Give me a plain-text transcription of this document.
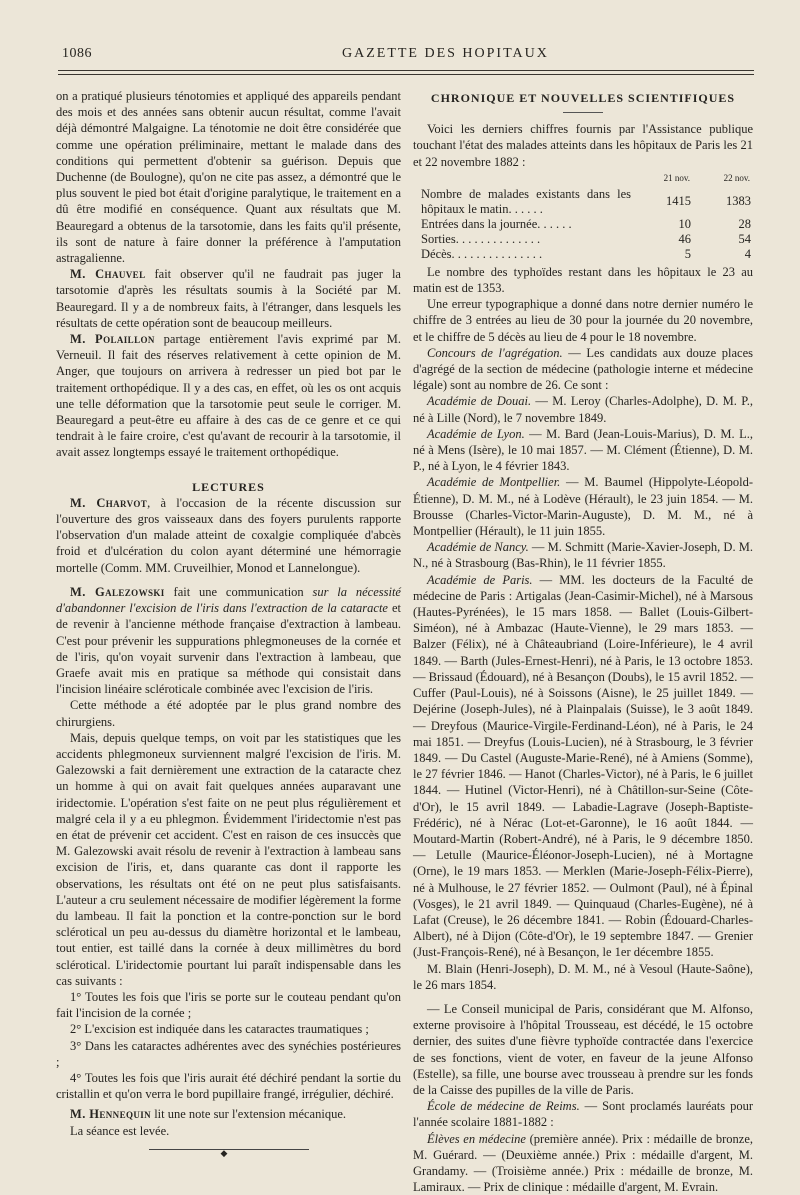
1086	GAZETTE DES HOPITAUX

on a pratiqué plusieurs ténotomies et appliqué des appareils pendant des mois et des années sans obtenir aucun résultat, comme l'avait déjà démontré Malgaigne. La ténotomie ne doit être considérée que comme une opération préliminaire, mettant le malade dans des conditions qui permettent d'obtenir sa guérison. Depuis que Duchenne (de Boulogne), qu'on ne cite pas assez, a démontré que le plus souvent le pied bot était d'origine paralytique, le traitement en a dû être modifié en conséquence. Quant aux résultats que M. Beauregard a obtenus de la tarsotomie, dans les faits qu'il présente, ils sont de nature à faire donner la préférence à l'amputation astragalienne.

M. Chauvel fait observer qu'il ne faudrait pas juger la tarsotomie d'après les résultats soumis à la Société par M. Beauregard. Il y a de nombreux faits, à l'étranger, dans lesquels les résultats de cette opération sont de beaucoup meilleurs.

M. Polaillon partage entièrement l'avis exprimé par M. Verneuil. Il fait des réserves relativement à cette opinion de M. Anger, que toujours on arrivera à redresser un pied bot par le traitement orthopédique. Il y a des cas, en effet, où les os ont acquis une telle déformation que la tarsotomie peut seule le corriger. M. Beauregard a peut-être eu affaire à des cas de ce genre et ce qui tendrait à le faire croire, c'est qu'avant de recourir à la tarsotomie, il avait assez longtemps essayé le traitement orthopédique.

LECTURES

M. Charvot, à l'occasion de la récente discussion sur l'ouverture des gros vaisseaux dans des foyers purulents rapporte l'observation d'un malade atteint de coxalgie compliquée d'abcès froid et d'ulcération du colon ayant déterminé une hémorragie mortelle (Comm. MM. Cruveilhier, Monod et Lannelongue).

M. Galezowski fait une communication sur la nécessité d'abandonner l'excision de l'iris dans l'extraction de la cataracte et de revenir à l'ancienne méthode française d'extraction à lambeau. C'est pour prévenir les suppurations phlegmoneuses de la cornée et de l'iris, qu'on voyait survenir dans l'extraction à lambeau, que Graefe avait mis en pratique sa méthode qui consistait dans l'incision linéaire scléroticale combinée avec l'excision de l'iris.

Cette méthode a été adoptée par le plus grand nombre des chirurgiens.

Mais, depuis quelque temps, on voit par les statistiques que les accidents phlegmoneux surviennent malgré l'excision de l'iris. M. Galezowski a fait dernièrement une extraction de la cataracte chez un homme à qui on avait fait quelques années auparavant une iridectomie. L'opération s'est faite on ne peut plus régulièrement et malgré cela il y a eu phlegmon. Évidemment l'iridectomie n'est pas en état de prévenir cet accident. C'est en raison de ces insuccès que M. Galezowski avait résolu de revenir à l'extraction à lambeau sans excision de l'iris, et, dans quarante cas dont il rapporte les observations, les résultats ont été on ne peut plus satisfaisants. L'auteur a cru seulement nécessaire de modifier légèrement la forme du lambeau. Il fait la ponction et la contre-ponction sur le bord sclérotical un peu au-dessus du diamètre horizontal et le lambeau, tout entier, est taillé dans la cornée à deux millimètres du bord sclérotical. L'iridectomie pourtant lui paraît indispensable dans les cas suivants :

1° Toutes les fois que l'iris se porte sur le couteau pendant qu'on fait l'incision de la cornée ;

2° L'excision est indiquée dans les cataractes traumatiques ;

3° Dans les cataractes adhérentes avec des synéchies postérieures ;

4° Toutes les fois que l'iris aurait été déchiré pendant la sortie du cristallin et qu'on verra le bord pupillaire frangé, irrégulier, déchiré.

M. Hennequin lit une note sur l'extension mécanique.

La séance est levée.

◆

CHRONIQUE ET NOUVELLES SCIENTIFIQUES

Voici les derniers chiffres fournis par l'Assistance publique touchant l'état des malades atteints dans les hôpitaux de Paris les 21 et 22 novembre 1882 :

	21 nov.	22 nov.
Nombre de malades existants dans les hôpitaux le matin. . . . . .	1415	1383
Entrées dans la journée. . . . . .	10	28
Sorties. . . . . . . . . . . . . .	46	54
Décès. . . . . . . . . . . . . . .	5	4

Le nombre des typhoïdes restant dans les hôpitaux le 23 au matin est de 1353.

Une erreur typographique a donné dans notre dernier numéro le chiffre de 3 entrées au lieu de 30 pour la journée du 20 novembre, et le chiffre de 5 décès au lieu de 4 pour le 18 novembre.

Concours de l'agrégation. — Les candidats aux douze places d'agrégé de la section de médecine (pathologie interne et médecine légale) sont au nombre de 26. Ce sont :

Académie de Douai. — M. Leroy (Charles-Adolphe), D. M. P., né à Lille (Nord), le 7 novembre 1849.

Académie de Lyon. — M. Bard (Jean-Louis-Marius), D. M. L., né à Mens (Isère), le 10 mai 1857. — M. Clément (Étienne), D. M. P., né à Lyon, le 4 février 1843.

Académie de Montpellier. — M. Baumel (Hippolyte-Léopold-Étienne), D. M. M., né à Lodève (Hérault), le 23 juin 1854. — M. Brousse (Charles-Victor-Marin-Auguste), D. M. M., né à Montpellier (Hérault), le 11 juin 1855.

Académie de Nancy. — M. Schmitt (Marie-Xavier-Joseph, D. M. N., né à Strasbourg (Bas-Rhin), le 11 février 1855.

Académie de Paris. — MM. les docteurs de la Faculté de médecine de Paris : Artigalas (Jean-Casimir-Michel), né à Marsous (Hautes-Pyrénées), le 15 mars 1858. — Ballet (Louis-Gilbert-Siméon), né à Ambazac (Haute-Vienne), le 29 mars 1853. — Balzer (Félix), né à Châteaubriand (Loire-Inférieure), le 4 avril 1849. — Barth (Jules-Ernest-Henri), né à Paris, le 13 octobre 1853. — Brissaud (Édouard), né à Besançon (Doubs), le 15 avril 1852. — Cuffer (Paul-Louis), né à Soissons (Aisne), le 25 juillet 1849. — Dejérine (Joseph-Jules), né à Plainpalais (Suisse), le 3 août 1849. — Dreyfous (Maurice-Virgile-Ferdinand-Léon), né à Paris, le 24 mai 1851. — Dreyfus (Louis-Lucien), né à Strasbourg, le 3 février 1849. — Du Castel (Auguste-Marie-René), né à Amiens (Somme), le 27 février 1846. — Hanot (Charles-Victor), né à Paris, le 6 juillet 1844. — Hutinel (Victor-Henri), né à Châtillon-sur-Seine (Côte-d'Or), le 15 avril 1849. — Labadie-Lagrave (Joseph-Baptiste-Frédéric), né à Nérac (Lot-et-Garonne), le 16 août 1844. — Moutard-Martin (Robert-André), né à Paris, le 9 décembre 1850. — Letulle (Maurice-Éléonor-Joseph-Lucien), né à Mortagne (Orne), le 19 mars 1853. — Merklen (Marie-Joseph-Félix-Pierre), né à Mulhouse, le 27 février 1852. — Oulmont (Paul), né à Épinal (Vosges), le 21 avril 1849. — Quinquaud (Charles-Eugène), né à Lafat (Creuse), le 26 décembre 1841. — Robin (Édouard-Charles-Albert), né à Dijon (Côte-d'Or), le 19 septembre 1847. — Grenier (Just-François-René), né à Besançon, le 1er décembre 1855.

M. Blain (Henri-Joseph), D. M. M., né à Vesoul (Haute-Saône), le 26 mars 1854.

— Le Conseil municipal de Paris, considérant que M. Alfonso, externe provisoire à l'hôpital Trousseau, est décédé, le 15 octobre dernier, des suites d'une fièvre typhoïde contractée dans l'exercice de ses fonctions, vient de voter, en faveur de la jeune Alfonso (Estelle), sa fille, une bourse avec trousseau à prendre sur les fonds de la Caisse des pupilles de la ville de Paris.

École de médecine de Reims. — Sont proclamés lauréats pour l'année scolaire 1881-1882 :

Élèves en médecine (première année). Prix : médaille de bronze, M. Guérard. — (Deuxième année.) Prix : médaille d'argent, M. Grandamy. — (Troisième année.) Prix : médaille de bronze, M. Lamiraux. — Prix de clinique : médaille d'argent, M. Evrain.
